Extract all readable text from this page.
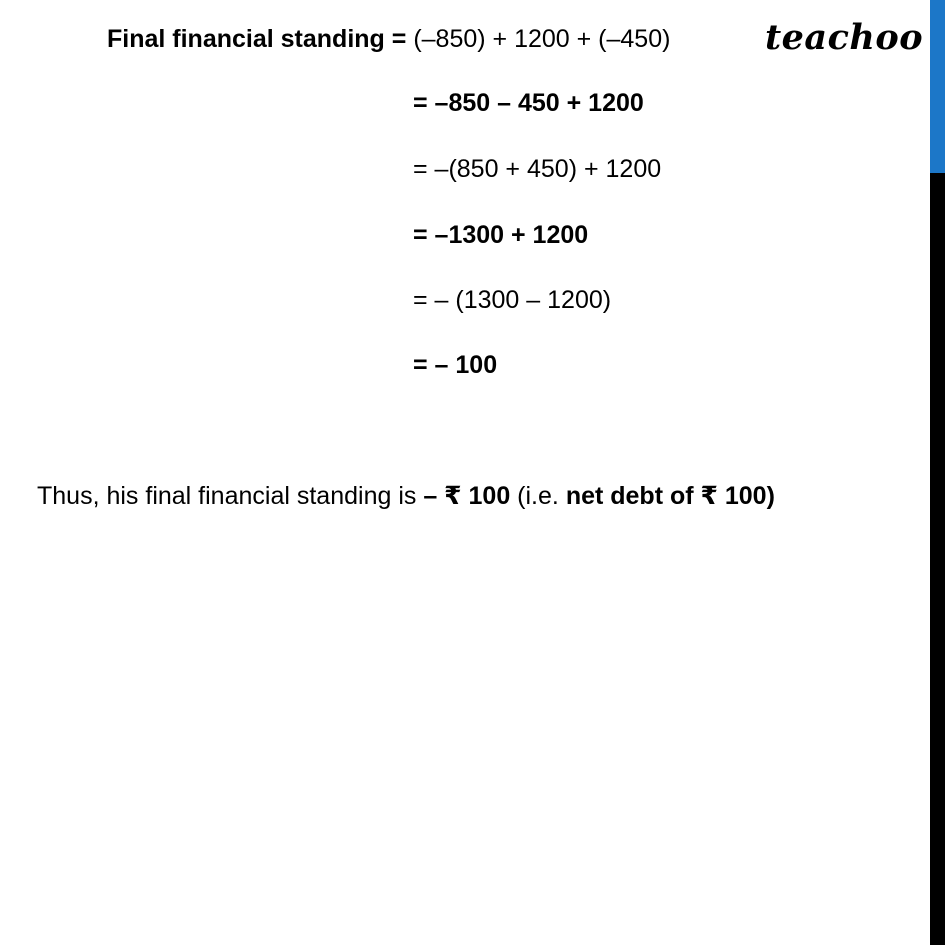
Final financial standing = (–850) + 1200 + (–450)	teachoo
= –850 – 450 + 1200
= –(850 + 450) + 1200
= –1300 + 1200
= – (1300 – 1200)
= – 100
Thus, his final financial standing is – ₹ 100 (i.e. net debt of ₹ 100)
